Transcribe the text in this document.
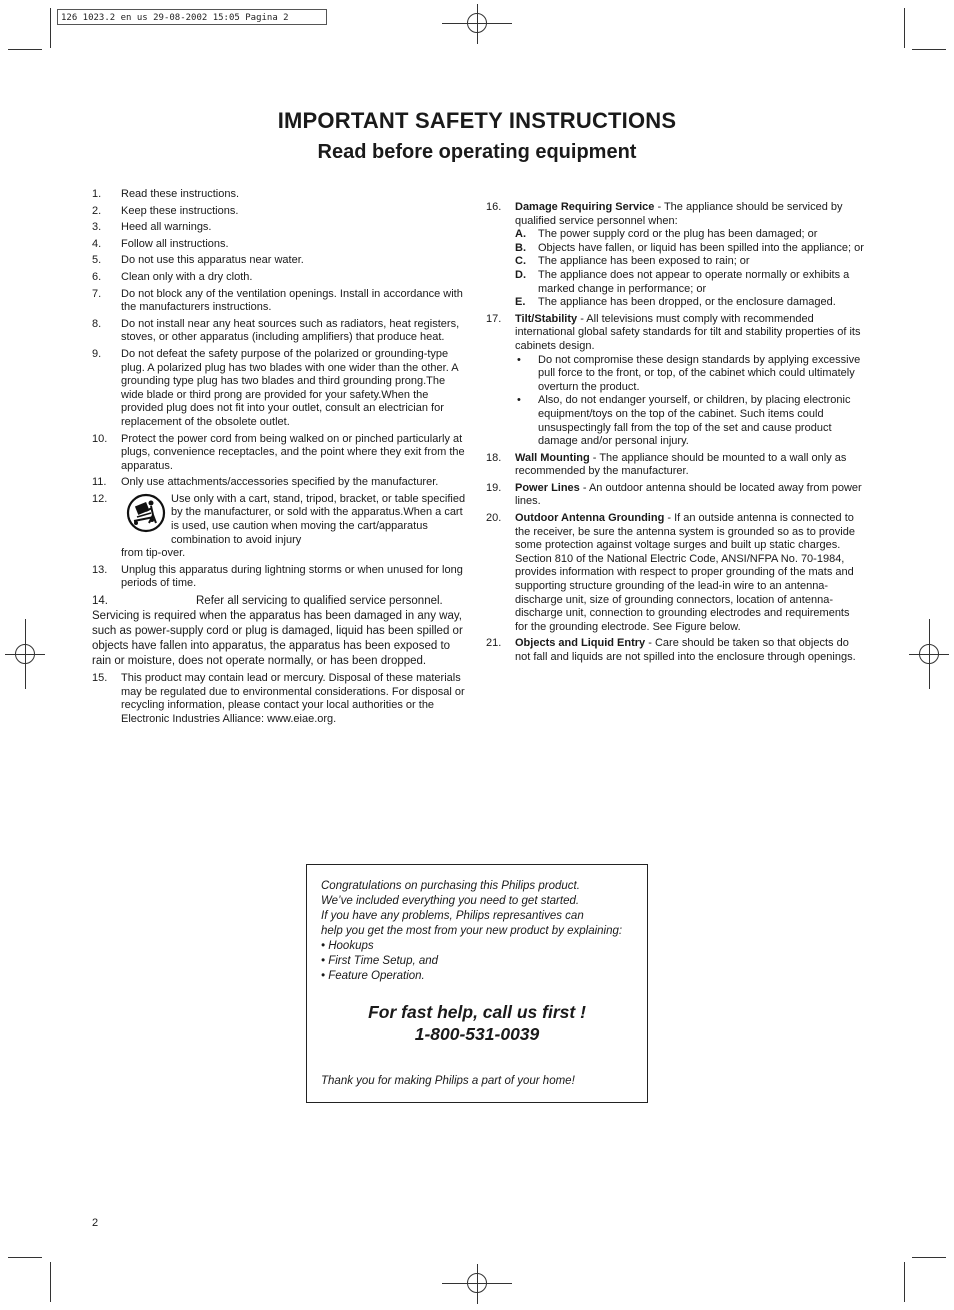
126 1023.2 en us 29-08-2002 15:05 Pagina 2
IMPORTANT SAFETY INSTRUCTIONS
Read before operating equipment
1.	Read these instructions.
2.	Keep these instructions.
3.	Heed all warnings.
4.	Follow all instructions.
5.	Do not use this apparatus near water.
6.	Clean only with a dry cloth.
7.	Do not block any of the ventilation openings. Install in accordance with the manufacturers instructions.
8.	Do not install near any heat sources such as radiators, heat registers, stoves, or other apparatus (including amplifiers) that produce heat.
9.	Do not defeat the safety purpose of the polarized or grounding-type plug. A polarized plug has two blades with one wider than the other. A grounding type plug has two blades and third grounding prong.The wide blade or third prong are provided for your safety.When the provided plug does not fit into your outlet, consult an electrician for replacement of the obsolete outlet.
10.	Protect the power cord from being walked on or pinched particularly at plugs, convenience receptacles, and the point where they exit from the apparatus.
11.	Only use attachments/accessories specified by the manufacturer.
12.	Use only with a cart, stand, tripod, bracket, or table specified by the manufacturer, or sold with the apparatus.When a cart is used, use caution when moving the cart/apparatus combination to avoid injury
from tip-over.
13.	Unplug this apparatus during lightning storms or when unused for long periods of time.
14.	Refer all servicing to qualified service personnel.
Servicing is required when the apparatus has been damaged in any way, such as power-supply cord or plug is damaged, liquid has been spilled or objects have fallen into apparatus, the apparatus has been exposed to rain or moisture, does not operate normally, or has been dropped.
15.	This product may contain lead or mercury. Disposal of these materials may be regulated due to environmental considerations. For disposal or recycling information, please contact your local authorities or the Electronic Industries Alliance: www.eiae.org.
16.	Damage Requiring Service - The appliance should be serviced by qualified service personnel when:
A.	The power supply cord or the plug has been damaged; or
B.	Objects have fallen, or liquid has been spilled into the appliance; or
C.	The appliance has been exposed to rain; or
D.	The appliance does not appear to operate normally or exhibits a marked change in performance; or
E.	The appliance has been dropped, or the enclosure damaged.
17.	Tilt/Stability - All televisions must comply with recommended international global safety standards for tilt and stability properties of its cabinets design.
•	Do not compromise these design standards by applying excessive pull force to the front, or top, of the cabinet which could ultimately overturn the product.
•	Also, do not endanger yourself, or children, by placing electronic equipment/toys on the top of the cabinet. Such items could unsuspectingly fall from the top of the set and cause product damage and/or personal injury.
18.	Wall Mounting - The appliance should be mounted to a wall only as recommended by the manufacturer.
19.	Power Lines - An outdoor antenna should be located away from power lines.
20.	Outdoor Antenna Grounding - If an outside antenna is connected to the receiver, be sure the antenna system is grounded so as to provide some protection against voltage surges and built up static charges.
Section 810 of the National Electric Code, ANSI/NFPA No. 70-1984, provides information with respect to proper grounding of the mats and supporting structure grounding of the lead-in wire to an antenna-discharge unit, size of grounding connectors, location of antenna-discharge unit, connection to grounding electrodes and requirements for the grounding electrode. See Figure below.
21.	Objects and Liquid Entry - Care should be taken so that objects do not fall and liquids are not spilled into the enclosure through openings.
Congratulations on purchasing this Philips product.
We’ve included everything you need to get started.
If you have any problems, Philips represantives can
help you get the most from your new product by explaining:
• Hookups
• First Time Setup, and
• Feature Operation.
For fast help, call us first !
1-800-531-0039
Thank you for making Philips a part of your home!
2
